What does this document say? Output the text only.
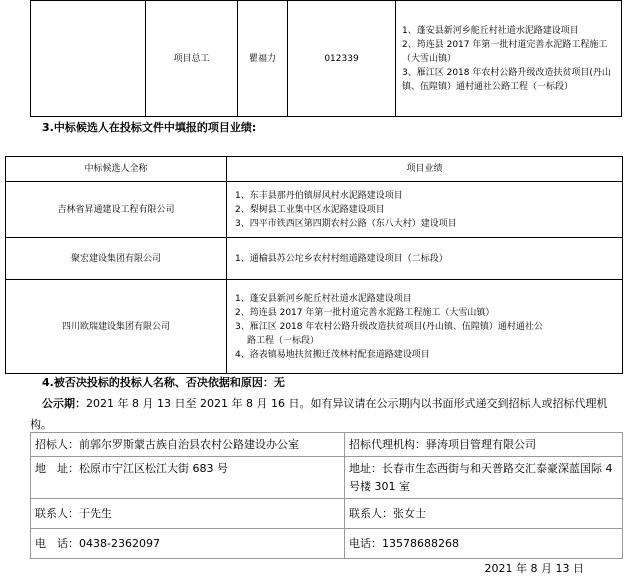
	项目总工	瞿福力	012339	
1、蓬安县新河乡舵丘村社道水泥路建设项目
2、筠连县 2017 年第一批村道完善水泥路工程施工（大雪山镇）
3、雁江区 2018 年农村公路升级改造扶贫项目(丹山镇、伍隍镇）通村通社公路工程（一标段）

3.中标候选人在投标文件中填报的项目业绩:

中标候选人全称	项目业绩
吉林省昇通建设工程有限公司	1、东丰县那丹伯镇屏风村水泥路建设项目
2、梨树县工业集中区水泥路建设项目
3、四平市铁西区第四期农村公路（东八大村）建设项目

聚宏建设集团有限公司	1、通榆县苏公坨乡农村村组道路建设项目（二标段）

四川欧瑞建设集团有限公司	1、蓬安县新河乡舵丘村社道水泥路建设项目
2、筠连县 2017 年第一批村道完善水泥路工程施工（大雪山镇）
3、雁江区 2018 年农村公路升级改造扶贫项目(丹山镇、伍隍镇）通村通社公
路工程（一标段）
4、洛表镇易地扶贫搬迁茂林村配套道路建设项目

4.被否决投标的投标人名称、否决依据和原因：无

公示期：2021 年 8 月 13 日至 2021 年 8 月 16 日。如有异议请在公示期内以书面形式递交到招标人或招标代理机构。

招标人：前郭尔罗斯蒙古族自治县农村公路建设办公室	招标代理机构：驿涛项目管理有限公司
地　址：松原市宁江区松江大街 683 号	地址：长春市生态西街与和天普路交汇泰豪深蓝国际 4 号楼 301 室
联系人：于先生	联系人：张女士
电　话：0438-2362097	电话：13578688268

2021 年 8 月 13 日
